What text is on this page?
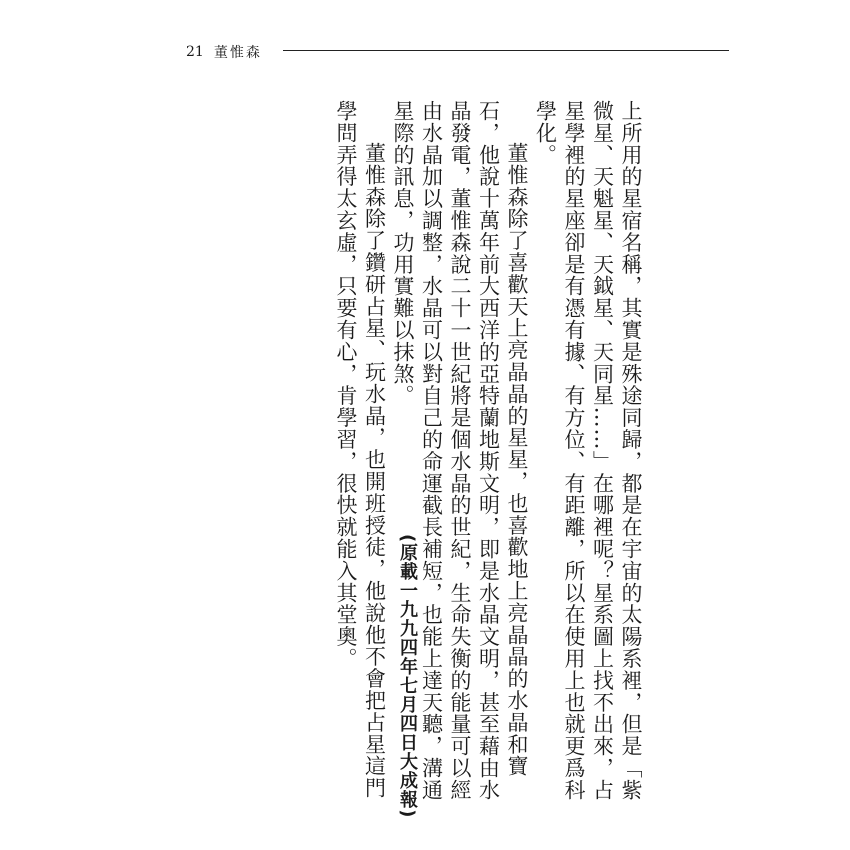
21 董惟森

上所用的星宿名稱，其實是殊途同歸，都是在宇宙的太陽系裡，但是「紫微星、天魁星、天鉞星、天同星……」在哪裡呢？星系圖上找不出來，占星學裡的星座卻是有憑有據、有方位、有距離，所以在使用上也就更爲科學化。

董惟森除了喜歡天上亮晶晶的星星，也喜歡地上亮晶晶的水晶和寶石，他說十萬年前大西洋的亞特蘭地斯文明，即是水晶文明，甚至藉由水晶發電，董惟森說二十一世紀將是個水晶的世紀，生命失衡的能量可以經由水晶加以調整，水晶可以對自己的命運截長補短，也能上達天聽，溝通星際的訊息，功用實難以抹煞。

董惟森除了鑽研占星、玩水晶，也開班授徒，他說他不會把占星這門學問弄得太玄虛，只要有心，肯學習，很快就能入其堂奧。

(原載一九九四年七月四日大成報)
